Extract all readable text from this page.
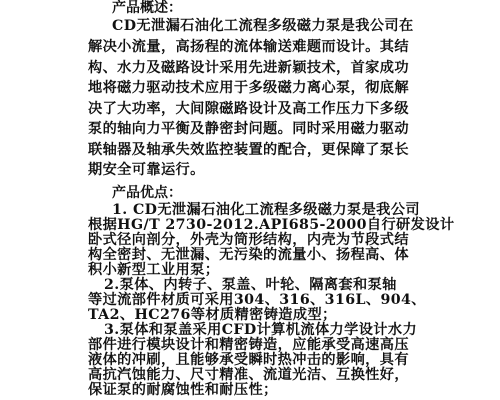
产品概述：
CD无泄漏石油化工流程多级磁力泵是我公司在
解决小流量，高扬程的流体输送难题而设计。其结
构、水力及磁路设计采用先进新颖技术，首家成功
地将磁力驱动技术应用于多级磁力离心泵，彻底解
决了大功率，大间隙磁路设计及高工作压力下多级
泵的轴向力平衡及静密封问题。同时采用磁力驱动
联轴器及轴承失效监控装置的配合，更保障了泵长
期安全可靠运行。
产品优点：
1. CD无泄漏石油化工流程多级磁力泵是我公司
根据HG/T 2730-2012.API685-2000自行研发设计
卧式径向剖分，外壳为筒形结构，内壳为节段式结
构全密封、无泄漏、无污染的流量小、扬程高、体
积小新型工业用泵；
2.泵体、内转子、泵盖、叶轮、隔离套和泵轴
等过流部件材质可采用304、316、316L、904、
TA2、HC276等材质精密铸造成型；
3.泵体和泵盖采用CFD计算机流体力学设计水力
部件进行模块设计和精密铸造，应能承受高速高压
液体的冲刷，且能够承受瞬时热冲击的影响，具有
高抗汽蚀能力、尺寸精准、流道光洁、互换性好，
保证泵的耐腐蚀性和耐压性；
